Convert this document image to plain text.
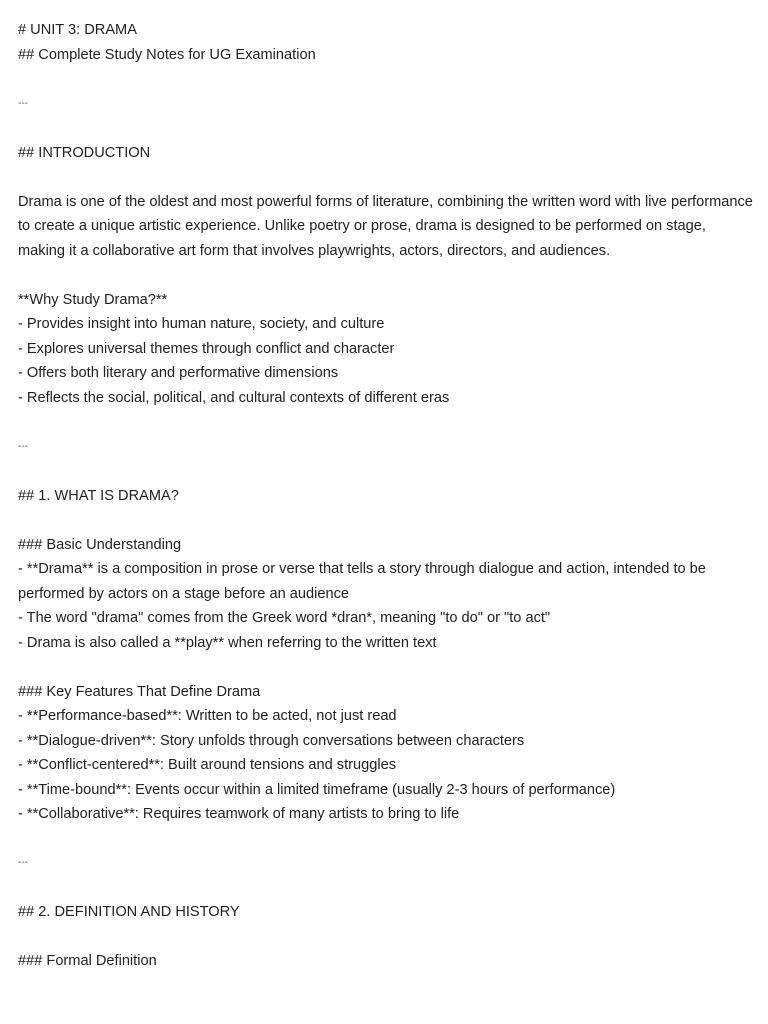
# UNIT 3: DRAMA
## Complete Study Notes for UG Examination
---
## INTRODUCTION

Drama is one of the oldest and most powerful forms of literature, combining the written word with live performance to create a unique artistic experience. Unlike poetry or prose, drama is designed to be performed on stage, making it a collaborative art form that involves playwrights, actors, directors, and audiences.

**Why Study Drama?**
- Provides insight into human nature, society, and culture
- Explores universal themes through conflict and character
- Offers both literary and performative dimensions
- Reflects the social, political, and cultural contexts of different eras
---
## 1. WHAT IS DRAMA?
### Basic Understanding

- **Drama** is a composition in prose or verse that tells a story through dialogue and action, intended to be performed by actors on a stage before an audience

- The word "drama" comes from the Greek word *dran*, meaning "to do" or "to act"
- Drama is also called a **play** when referring to the written text
### Key Features That Define Drama
- **Performance-based**: Written to be acted, not just read
- **Dialogue-driven**: Story unfolds through conversations between characters
- **Conflict-centered**: Built around tensions and struggles
- **Time-bound**: Events occur within a limited timeframe (usually 2-3 hours of performance)
- **Collaborative**: Requires teamwork of many artists to bring to life
---
## 2. DEFINITION AND HISTORY
### Formal Definition
